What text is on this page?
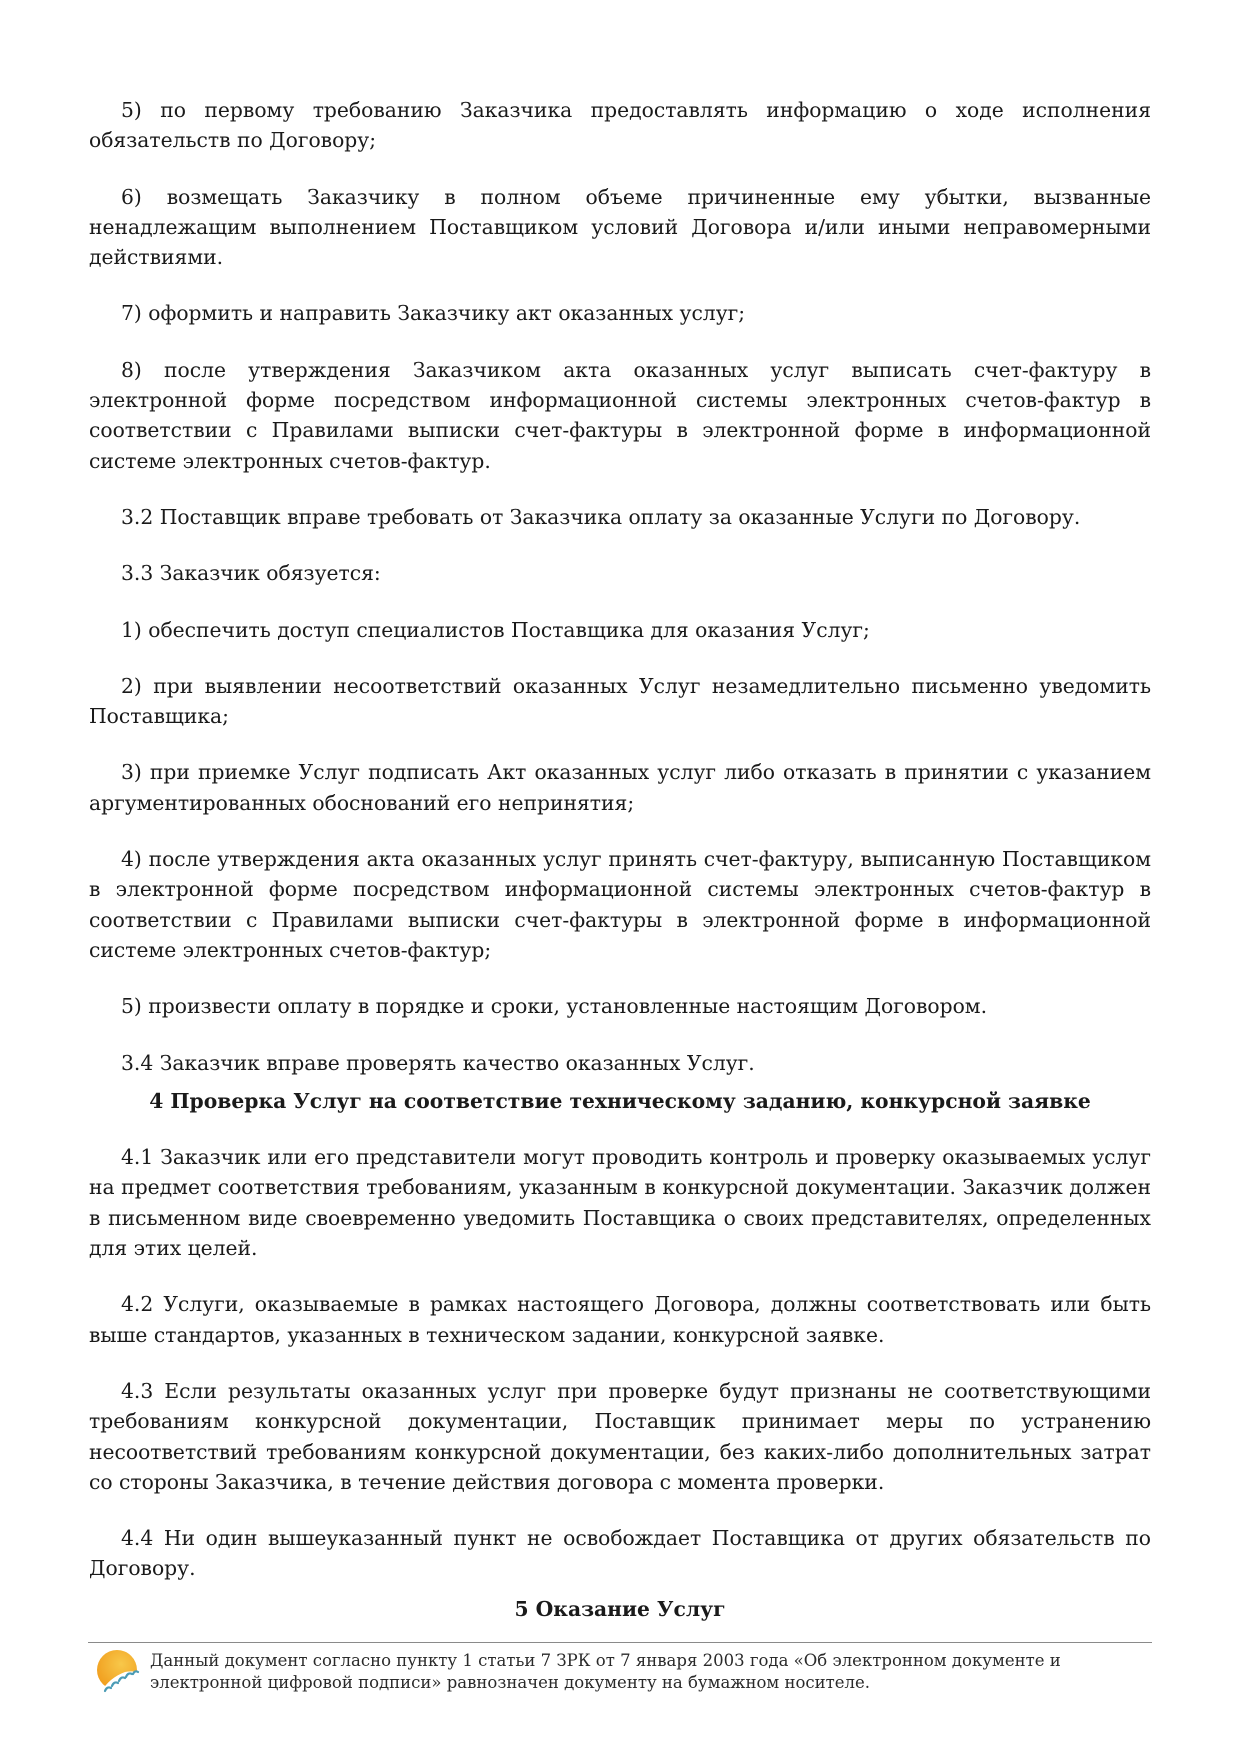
5) по первому требованию Заказчика предоставлять информацию о ходе исполнения обязательств по Договору;

6) возмещать Заказчику в полном объеме причиненные ему убытки, вызванные ненадлежащим выполнением Поставщиком условий Договора и/или иными неправомерными действиями.

7) оформить и направить Заказчику акт оказанных услуг;

8) после утверждения Заказчиком акта оказанных услуг выписать счет-фактуру в электронной форме посредством информационной системы электронных счетов-фактур в соответствии с Правилами выписки счет-фактуры в электронной форме в информационной системе электронных счетов-фактур.

3.2 Поставщик вправе требовать от Заказчика оплату за оказанные Услуги по Договору.

3.3 Заказчик обязуется:

1) обеспечить доступ специалистов Поставщика для оказания Услуг;

2) при выявлении несоответствий оказанных Услуг незамедлительно письменно уведомить Поставщика;

3) при приемке Услуг подписать Акт оказанных услуг либо отказать в принятии с указанием аргументированных обоснований его непринятия;

4) после утверждения акта оказанных услуг принять счет-фактуру, выписанную Поставщиком в электронной форме посредством информационной системы электронных счетов-фактур в соответствии с Правилами выписки счет-фактуры в электронной форме в информационной системе электронных счетов-фактур;

5) произвести оплату в порядке и сроки, установленные настоящим Договором.

3.4 Заказчик вправе проверять качество оказанных Услуг.

4 Проверка Услуг на соответствие техническому заданию, конкурсной заявке

4.1 Заказчик или его представители могут проводить контроль и проверку оказываемых услуг на предмет соответствия требованиям, указанным в конкурсной документации. Заказчик должен в письменном виде своевременно уведомить Поставщика о своих представителях, определенных для этих целей.

4.2 Услуги, оказываемые в рамках настоящего Договора, должны соответствовать или быть выше стандартов, указанных в техническом задании, конкурсной заявке.

4.3 Если результаты оказанных услуг при проверке будут признаны не соответствующими требованиям конкурсной документации, Поставщик принимает меры по устранению несоответствий требованиям конкурсной документации, без каких-либо дополнительных затрат со стороны Заказчика, в течение действия договора с момента проверки.

4.4 Ни один вышеуказанный пункт не освобождает Поставщика от других обязательств по Договору.

5 Оказание Услуг
Данный документ согласно пункту 1 статьи 7 ЗРК от 7 января 2003 года «Об электронном документе и электронной цифровой подписи» равнозначен документу на бумажном носителе.
